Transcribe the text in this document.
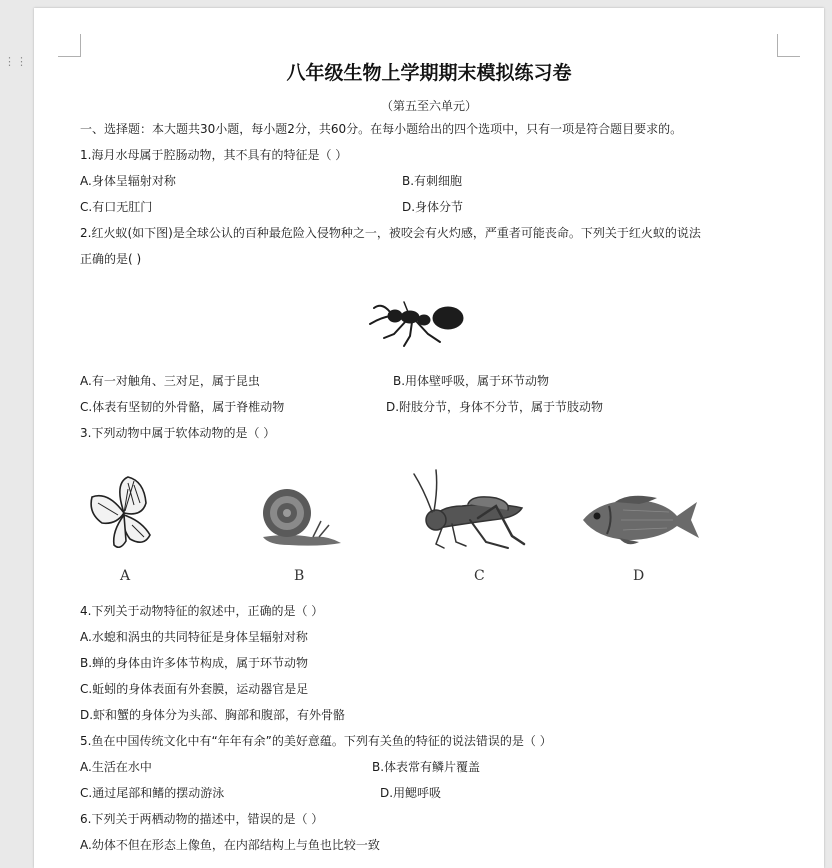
八年级生物上学期期末模拟练习卷
（第五至六单元）
一、选择题：本大题共30小题，每小题2分，共60分。在每小题给出的四个选项中，只有一项是符合题目要求的。
1.海月水母属于腔肠动物，其不具有的特征是（ ）
A.身体呈辐射对称	B.有刺细胞
C.有口无肛门	D.身体分节
2.红火蚁(如下图)是全球公认的百种最危险入侵物种之一，被咬会有火灼感，严重者可能丧命。下列关于红火蚁的说法
正确的是( )
A.有一对触角、三对足，属于昆虫	B.用体壁呼吸，属于环节动物
C.体表有坚韧的外骨骼，属于脊椎动物	D.附肢分节，身体不分节，属于节肢动物
3.下列动物中属于软体动物的是（ ）
A	B	C	D
4.下列关于动物特征的叙述中，正确的是（ ）
A.水螅和涡虫的共同特征是身体呈辐射对称
B.蝉的身体由许多体节构成，属于环节动物
C.蚯蚓的身体表面有外套膜，运动器官是足
D.虾和蟹的身体分为头部、胸部和腹部，有外骨骼
5.鱼在中国传统文化中有“年年有余”的美好意蕴。下列有关鱼的特征的说法错误的是（ ）
A.生活在水中	B.体表常有鳞片覆盖
C.通过尾部和鳍的摆动游泳	D.用鳃呼吸
6.下列关于两栖动物的描述中，错误的是（ ）
A.幼体不但在形态上像鱼，在内部结构上与鱼也比较一致
⋮⋮
